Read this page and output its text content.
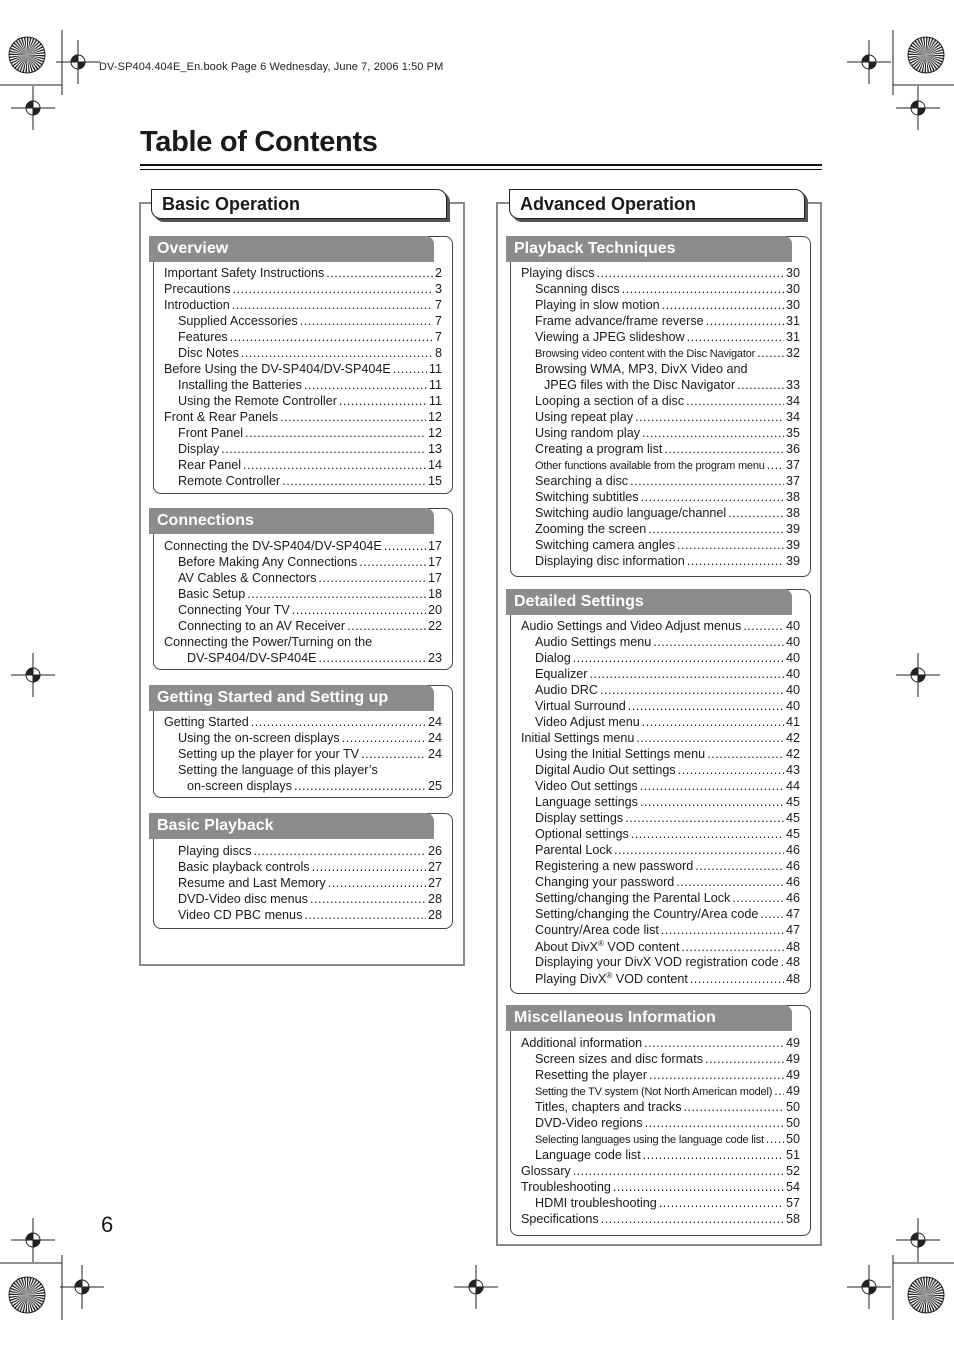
DV-SP404.404E_En.book Page 6 Wednesday, June 7, 2006 1:50 PM
Table of Contents
Basic Operation
Overview
Important Safety Instructions .....	2
Precautions .....	3
Introduction .....	7
Supplied Accessories .....	7
Features .....	7
Disc Notes .....	8
Before Using the DV-SP404/DV-SP404E .....	11
Installing the Batteries .....	11
Using the Remote Controller .....	11
Front & Rear Panels .....	12
Front Panel .....	12
Display .....	13
Rear Panel .....	14
Remote Controller .....	15
Connections
Connecting the DV-SP404/DV-SP404E .....	17
Before Making Any Connections .....	17
AV Cables & Connectors .....	17
Basic Setup .....	18
Connecting Your TV .....	20
Connecting to an AV Receiver .....	22
Connecting the Power/Turning on the
DV-SP404/DV-SP404E .....	23
Getting Started and Setting up
Getting Started .....	24
Using the on-screen displays .....	24
Setting up the player for your TV .....	24
Setting the language of this player’s
on-screen displays .....	25
Basic Playback
Playing discs .....	26
Basic playback controls .....	27
Resume and Last Memory .....	27
DVD-Video disc menus .....	28
Video CD PBC menus .....	28
Advanced Operation
Playback Techniques
Playing discs .....	30
Scanning discs .....	30
Playing in slow motion .....	30
Frame advance/frame reverse .....	31
Viewing a JPEG slideshow .....	31
Browsing video content with the Disc Navigator ..... 32
Browsing WMA, MP3, DivX Video and
JPEG files with the Disc Navigator .....	33
Looping a section of a disc .....	34
Using repeat play .....	34
Using random play .....	35
Creating a program list .....	36
Other functions available from the program menu ..... 37
Searching a disc .....	37
Switching subtitles .....	38
Switching audio language/channel .....	38
Zooming the screen .....	39
Switching camera angles .....	39
Displaying disc information .....	39
Detailed Settings
Audio Settings and Video Adjust menus .....	40
Audio Settings menu .....	40
Dialog .....	40
Equalizer .....	40
Audio DRC .....	40
Virtual Surround .....	40
Video Adjust menu .....	41
Initial Settings menu .....	42
Using the Initial Settings menu .....	42
Digital Audio Out settings .....	43
Video Out settings .....	44
Language settings .....	45
Display settings .....	45
Optional settings .....	45
Parental Lock .....	46
Registering a new password .....	46
Changing your password .....	46
Setting/changing the Parental Lock .....	46
Setting/changing the Country/Area code ..... 47
Country/Area code list .....	47
About DivX® VOD content .....	48
Displaying your DivX VOD registration code ..... 48
Playing DivX® VOD content .....	48
Miscellaneous Information
Additional information .....	49
Screen sizes and disc formats .....	49
Resetting the player .....	49
Setting the TV system (Not North American model) ..... 49
Titles, chapters and tracks .....	50
DVD-Video regions .....	50
Selecting languages using the language code list ..... 50
Language code list .....	51
Glossary .....	52
Troubleshooting .....	54
HDMI troubleshooting .....	57
Specifications .....	58
6
